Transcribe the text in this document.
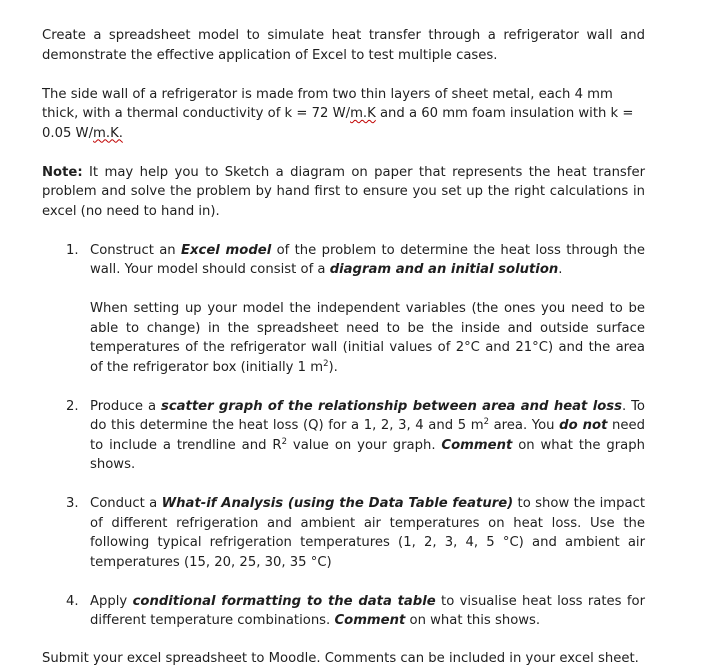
Create a spreadsheet model to simulate heat transfer through a refrigerator wall and demonstrate the effective application of Excel to test multiple cases.

The side wall of a refrigerator is made from two thin layers of sheet metal, each 4 mm thick, with a thermal conductivity of k = 72 W/m.K and a 60 mm foam insulation with k = 0.05 W/m.K.

Note: It may help you to Sketch a diagram on paper that represents the heat transfer problem and solve the problem by hand first to ensure you set up the right calculations in excel (no need to hand in).

1. Construct an Excel model of the problem to determine the heat loss through the wall. Your model should consist of a diagram and an initial solution.

When setting up your model the independent variables (the ones you need to be able to change) in the spreadsheet need to be the inside and outside surface temperatures of the refrigerator wall (initial values of 2°C and 21°C) and the area of the refrigerator box (initially 1 $m^2$).

2. Produce a scatter graph of the relationship between area and heat loss. To do this determine the heat loss (Q) for a 1, 2, 3, 4 and 5 $m^2$ area. You do not need to include a trendline and $R^2$ value on your graph. Comment on what the graph shows.

3. Conduct a What-if Analysis (using the Data Table feature) to show the impact of different refrigeration and ambient air temperatures on heat loss. Use the following typical refrigeration temperatures (1, 2, 3, 4, 5 °C) and ambient air temperatures (15, 20, 25, 30, 35 °C)

4. Apply conditional formatting to the data table to visualise heat loss rates for different temperature combinations. Comment on what this shows.

Submit your excel spreadsheet to Moodle. Comments can be included in your excel sheet.
